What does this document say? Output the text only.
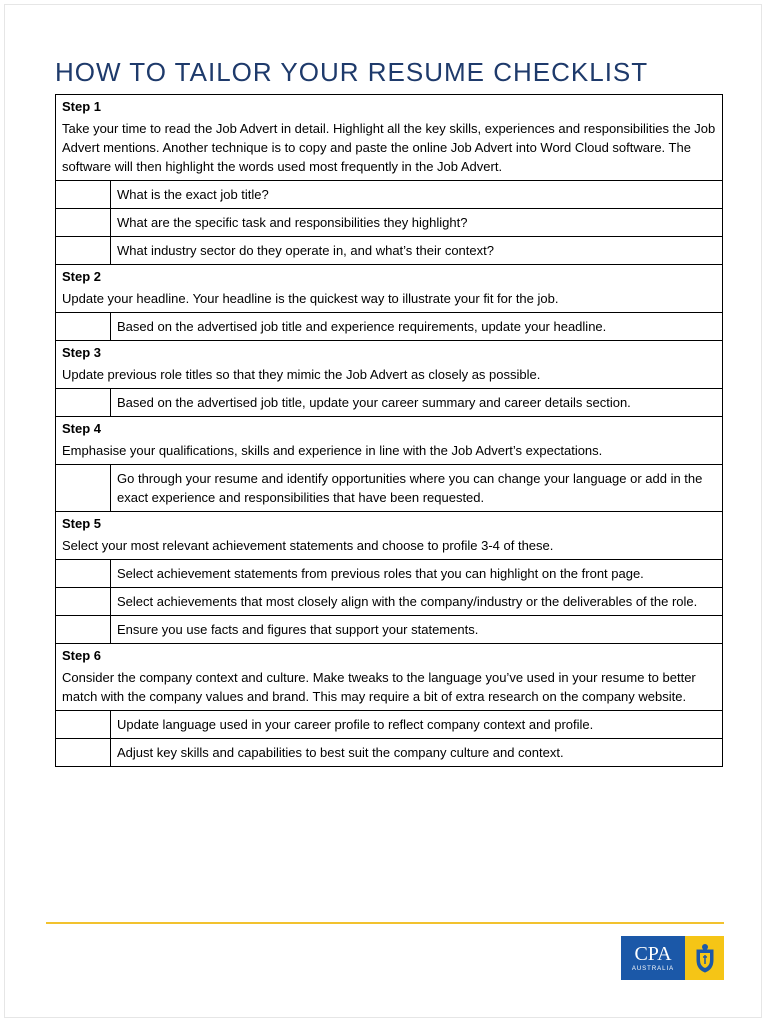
HOW TO TAILOR YOUR RESUME CHECKLIST
Step 1
Take your time to read the Job Advert in detail. Highlight all the key skills, experiences and responsibilities the Job Advert mentions. Another technique is to copy and paste the online Job Advert into Word Cloud software. The software will then highlight the words used most frequently in the Job Advert.	

	What is the exact job title?
	What are the specific task and responsibilities they highlight?
	What industry sector do they operate in, and what’s their context?

Step 2
Update your headline. Your headline is the quickest way to illustrate your fit for the job.	

	Based on the advertised job title and experience requirements, update your headline.

Step 3
Update previous role titles so that they mimic the Job Advert as closely as possible.	

	Based on the advertised job title, update your career summary and career details section.

Step 4
Emphasise your qualifications, skills and experience in line with the Job Advert’s expectations.	

	Go through your resume and identify opportunities where you can change your language or add in the exact experience and responsibilities that have been requested.

Step 5
Select your most relevant achievement statements and choose to profile 3-4 of these.	

	Select achievement statements from previous roles that you can highlight on the front page.
	Select achievements that most closely align with the company/industry or the deliverables of the role.
	Ensure you use facts and figures that support your statements.

Step 6
Consider the company context and culture. Make tweaks to the language you’ve used in your resume to better match with the company values and brand. This may require a bit of extra research on the company website.	

	Update language used in your career profile to reflect company context and profile.
	Adjust key skills and capabilities to best suit the company culture and context.
CPA
AUSTRALIA
